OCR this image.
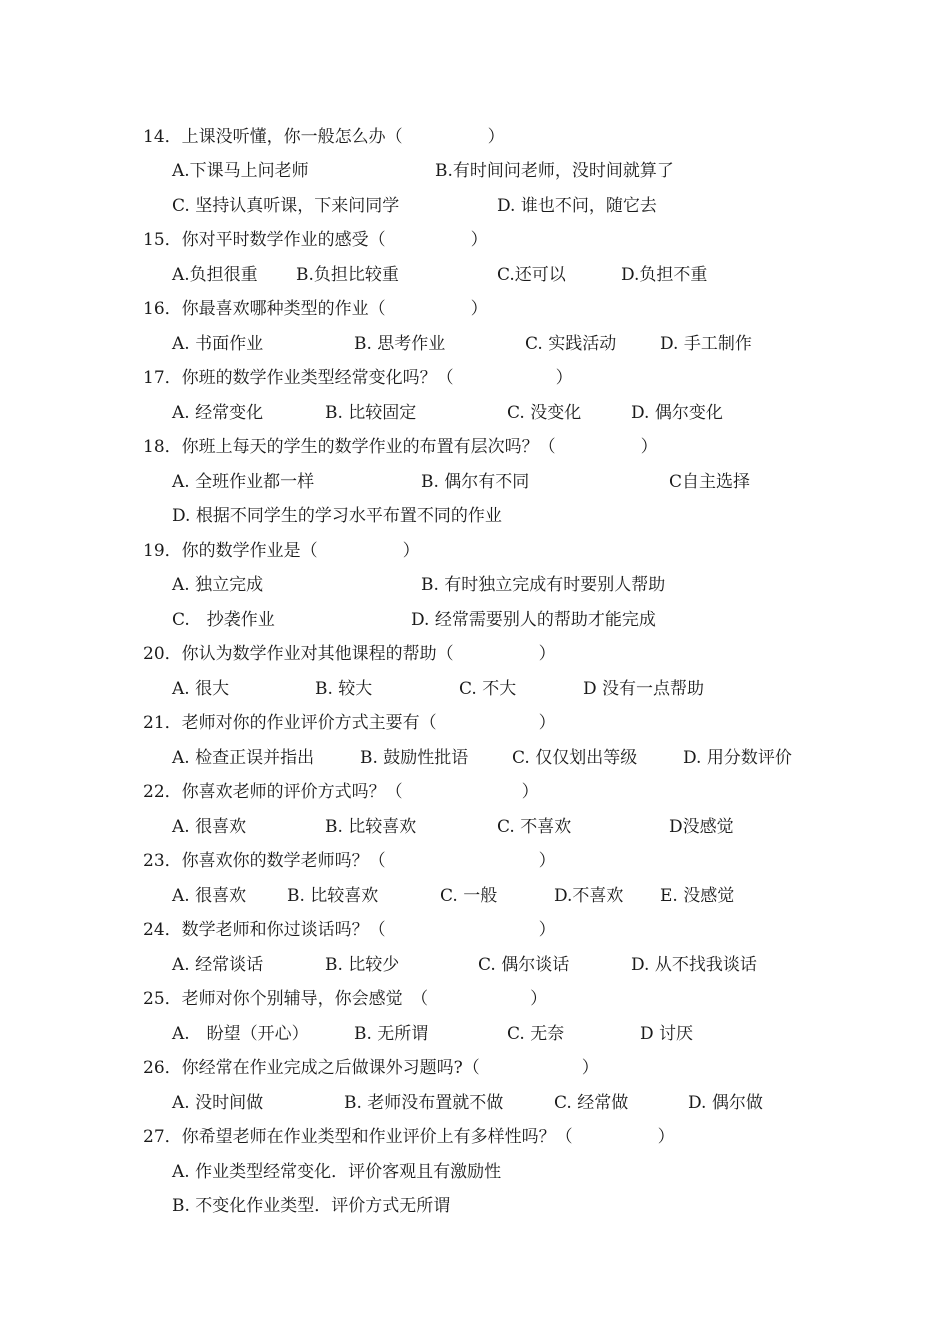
14．上课没听懂，你一般怎么办（　　　　　）
A.下课马上问老师	B.有时间问老师，没时间就算了
C. 坚持认真听课，下来问同学	D. 谁也不问，随它去
15．你对平时数学作业的感受（　　　　　）
A.负担很重 B.负担比较重	C.还可以	D.负担不重
16．你最喜欢哪种类型的作业（　　　　　）
A. 书面作业	B. 思考作业	C. 实践活动	D. 手工制作
17．你班的数学作业类型经常变化吗？（　　　　　　）
A. 经常变化	B. 比较固定	C. 没变化	D. 偶尔变化
18．你班上每天的学生的数学作业的布置有层次吗？（　　　　　）
A. 全班作业都一样	B. 偶尔有不同	C自主选择
D. 根据不同学生的学习水平布置不同的作业
19．你的数学作业是（　　　　　）
A. 独立完成	B. 有时独立完成有时要别人帮助
C.　抄袭作业	D. 经常需要别人的帮助才能完成
20．你认为数学作业对其他课程的帮助（　　　　　）
A. 很大	B. 较大	C. 不大	D 没有一点帮助
21．老师对你的作业评价方式主要有（　　　　　　）
A. 检查正误并指出	B. 鼓励性批语	C. 仅仅划出等级	D. 用分数评价
22．你喜欢老师的评价方式吗？（　　　　　　　）
A. 很喜欢	B. 比较喜欢	C. 不喜欢	D没感觉
23．你喜欢你的数学老师吗？（　　　　　　　　　）
A. 很喜欢 B. 比较喜欢	C. 一般	D.不喜欢 E. 没感觉
24．数学老师和你过谈话吗？（　　　　　　　　　）
A. 经常谈话	B. 比较少	C. 偶尔谈话	D. 从不找我谈话
25．老师对你个别辅导，你会感觉　（　　　　　　）
A.　盼望（开心）	B. 无所谓	C. 无奈	D 讨厌
26．你经常在作业完成之后做课外习题吗?（　　　　　　）
A. 没时间做	B. 老师没布置就不做	C. 经常做	D. 偶尔做
27．你希望老师在作业类型和作业评价上有多样性吗？（　　　　　）
A. 作业类型经常变化．评价客观且有激励性
B. 不变化作业类型．评价方式无所谓
